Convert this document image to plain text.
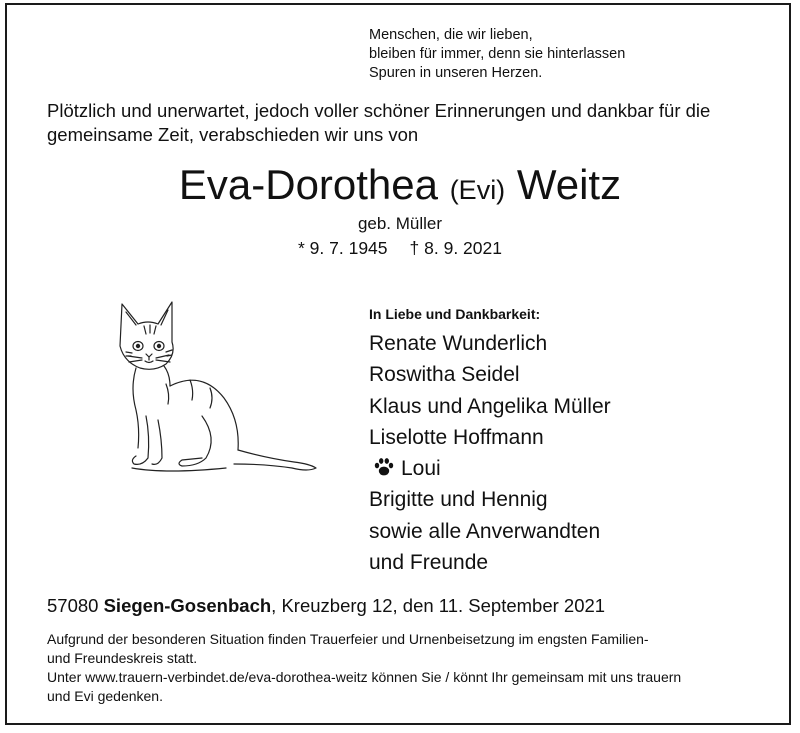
Menschen, die wir lieben,
bleiben für immer, denn sie hinterlassen
Spuren in unseren Herzen.
Plötzlich und unerwartet, jedoch voller schöner Erinnerungen und dankbar für die
gemeinsame Zeit, verabschieden wir uns von
Eva-Dorothea (Evi) Weitz
geb. Müller
* 9. 7. 1945 † 8. 9. 2021
In Liebe und Dankbarkeit:
Renate Wunderlich
Roswitha Seidel
Klaus und Angelika Müller
Liselotte Hoffmann
Loui
Brigitte und Hennig
sowie alle Anverwandten
und Freunde
57080 Siegen-Gosenbach, Kreuzberg 12, den 11. September 2021
Aufgrund der besonderen Situation finden Trauerfeier und Urnenbeisetzung im engsten Familien-
und Freundeskreis statt.
Unter www.trauern-verbindet.de/eva-dorothea-weitz können Sie / könnt Ihr gemeinsam mit uns trauern
und Evi gedenken.
